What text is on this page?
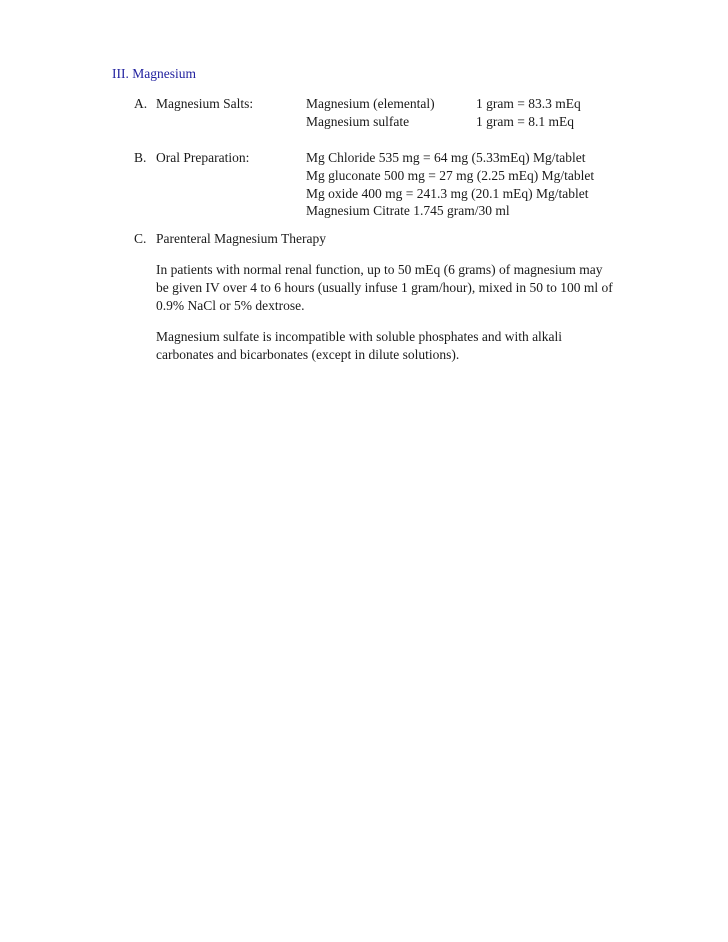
III. Magnesium
A. Magnesium Salts:	Magnesium (elemental)	1 gram = 83.3 mEq
Magnesium sulfate	1 gram = 8.1 mEq
B. Oral Preparation:	Mg Chloride 535 mg = 64 mg (5.33mEq) Mg/tablet
Mg gluconate 500 mg = 27 mg (2.25 mEq) Mg/tablet
Mg oxide 400 mg = 241.3 mg (20.1 mEq) Mg/tablet
Magnesium Citrate 1.745 gram/30 ml
C. Parenteral Magnesium Therapy
In patients with normal renal function, up to 50 mEq (6 grams) of magnesium may
be given IV over 4 to 6 hours (usually infuse 1 gram/hour), mixed in 50 to 100 ml of
0.9% NaCl or 5% dextrose.
Magnesium sulfate is incompatible with soluble phosphates and with alkali
carbonates and bicarbonates (except in dilute solutions).
